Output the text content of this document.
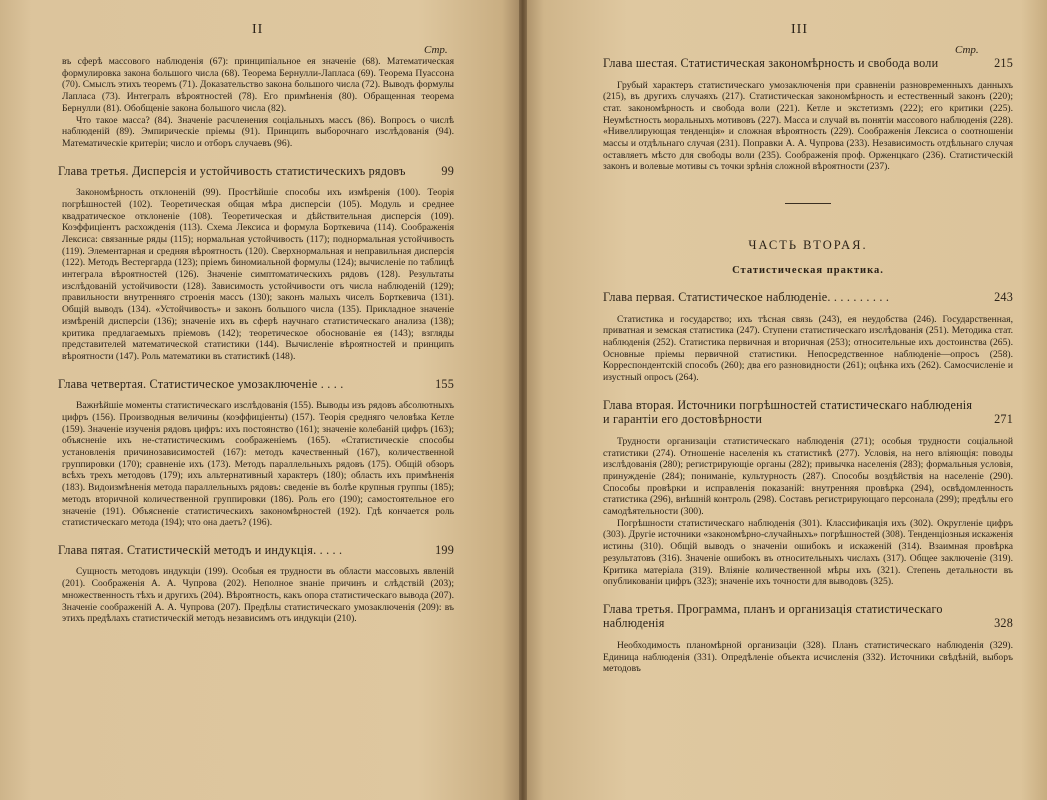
II
Стр.

въ сферѣ массового наблюденія (67): принципіальное ея значеніе (68). Математическая формулировка закона большого числа (68). Теорема Бернулли-Лапласа (69). Теорема Пуассона (70). Смыслъ этихъ теоремъ (71). Доказательство закона большого числа (72). Выводъ формулы Лапласа (73). Интегралъ вѣроятностей (78). Его примѣненія (80). Обращенная теорема Бернулли (81). Обобщеніе закона большого числа (82).

Что такое масса? (84). Значеніе расчленения соціальныхъ массъ (86). Вопросъ о числѣ наблюденій (89). Эмпирическіе пріемы (91). Принципъ выборочнаго изслѣдованія (94). Математическіе критеріи; число и отборъ случаевъ (96).

Глава третья. Дисперсія и устойчивость статистическихъ рядовъ	99

Закономѣрность отклоненій (99). Простѣйшіе способы ихъ измѣренія (100). Теорія погрѣшностей (102). Теоретическая общая мѣра дисперсіи (105). Модуль и среднее квадратическое отклоненіе (108). Теоретическая и дѣйствительная дисперсія (109). Коэффиціентъ расхожденія (113). Схема Лексиса и формула Борткевича (114). Соображенія Лексиса: связанные ряды (115); нормальная устойчивость (117); поднормальная устойчивость (119). Элементарная и средняя вѣроятность (120). Сверхнормальная и неправильная дисперсія (122). Методъ Вестергарда (123); пріемъ биномиальной формулы (124); вычисленіе по таблицѣ интеграла вѣроятностей (126). Значеніе симптоматическихъ рядовъ (128). Результаты изслѣдованій устойчивости (128). Зависимость устойчивости отъ числа наблюденій (129); правильности внутренняго строенія массъ (130); законъ малыхъ чиселъ Борткевича (131). Общій выводъ (134). «Устойчивость» и законъ большого числа (135). Прикладное значеніе измѣреній дисперсіи (136); значеніе ихъ въ сферѣ научнаго статистическаго анализа (138); критика предлагаемыхъ пріемовъ (142); теоретическое обоснованіе ея (143); взгляды представителей математической статистики (144). Вычисленіе вѣроятностей и принципъ вѣроятности (147). Роль математики въ статистикѣ (148).

Глава четвертая. Статистическое умозаключеніе . . . .	155

Важнѣйшіе моменты статистическаго изслѣдованія (155). Выводы изъ рядовъ абсолютныхъ цифръ (156). Производныя величины (коэффиціенты) (157). Теорія средняго человѣка Кетле (159). Значеніе изученія рядовъ цифръ: ихъ постоянство (161); значеніе колебаній цифръ (163); объясненіе ихъ не-статистическимъ соображеніемъ (165). «Статистическіе способы установленія причинозависимостей (167): методъ качественный (167), количественной группировки (170); сравненіе ихъ (173). Методъ параллельныхъ рядовъ (175). Общій обзоръ всѣхъ трехъ методовъ (179); ихъ альтернативный характеръ (180); область ихъ примѣненія (183). Видоизмѣненія метода параллельныхъ рядовъ: сведеніе въ болѣе крупныя группы (185); методъ вторичной количественной группировки (186). Роль его (190); самостоятельное его значеніе (191). Объясненіе статистическихъ закономѣрностей (192). Гдѣ кончается роль статистическаго метода (194); что она даетъ? (196).

Глава пятая. Статистическій методъ и индукція. . . . .	199

Сущность методовъ индукціи (199). Особыя ея трудности въ области массовыхъ явленій (201). Соображенія А. А. Чупрова (202). Неполное знаніе причинъ и слѣдствій (203); множественность тѣхъ и другихъ (204). Вѣроятность, какъ опора статистическаго вывода (207). Значеніе соображеній А. А. Чупрова (207). Предѣлы статистическаго умозаключенія (209): въ этихъ предѣлахъ статистическій методъ независимъ отъ индукціи (210).

III
Стр.
Глава шестая. Статистическая закономѣрность и свобода воли	215

Грубый характеръ статистическаго умозаключенія при сравненіи разновременныхъ данныхъ (215), въ другихъ случаяхъ (217). Статистическая закономѣрность и естественный законъ (220); стат. закономѣрность и свобода воли (221). Кетле и экстетизмъ (222); его критики (225). Неумѣстность моральныхъ мотивовъ (227). Масса и случай въ понятіи массового наблюденія (228). «Нивеллирующая тенденція» и сложная вѣроятность (229). Соображенія Лексиса о соотношеніи массы и отдѣльнаго случая (231). Поправки А. А. Чупрова (233). Независимость отдѣльнаго случая оставляетъ мѣсто для свободы воли (235). Соображенія проф. Орженцкаго (236). Статистическій законъ и волевые мотивы съ точки зрѣнія сложной вѣроятности (237).

ЧАСТЬ ВТОРАЯ.
Статистическая практика.
Глава первая. Статистическое наблюденіе. . . . . . . . . .	243

Статистика и государство; ихъ тѣсная связь (243), ея неудобства (246). Государственная, приватная и земская статистика (247). Ступени статистическаго изслѣдованія (251). Методика стат. наблюденія (252). Статистика первичная и вторичная (253); относительные ихъ достоинства (265). Основные пріемы первичной статистики. Непосредственное наблюденіе—опросъ (258). Корреспондентскій способъ (260); два его разновидности (261); оцѣнка ихъ (262). Самосчисленіе и изустный опросъ (264).

Глава вторая. Источники погрѣшностей статистическаго наблюденія и гарантіи его достовѣрности	271

Трудности организаціи статистическаго наблюденія (271); особыя трудности соціальной статистики (274). Отношеніе населенія къ статистикѣ (277). Условія, на него вліяющія: поводы изслѣдованія (280); регистрирующіе органы (282); привычка населенія (283); формальныя условія, принужденіе (284); пониманіе, культурность (287). Способы воздѣйствія на населеніе (290). Способы провѣрки и исправленія показаній: внутренняя провѣрка (294), освѣдомленность статистика (296), внѣшній контроль (298). Составъ регистрирующаго персонала (299); предѣлы его самодѣятельности (300).

Погрѣшности статистическаго наблюденія (301). Классификація ихъ (302). Округленіе цифръ (303). Другіе источники «закономѣрно-случайныхъ» погрѣшностей (308). Тенденціозныя искаженія истины (310). Общій выводъ о значеніи ошибокъ и искаженій (314). Взаимная провѣрка результатовъ (316). Значеніе ошибокъ въ относительныхъ числахъ (317). Общее заключеніе (319). Критика матеріала (319). Вліяніе количественной мѣры ихъ (321). Степень детальности въ опубликованіи цифръ (323); значеніе ихъ точности для выводовъ (325).

Глава третья. Программа, планъ и организація статистическаго наблюденія	328

Необходимость планомѣрной организаціи (328). Планъ статистическаго наблюденія (329). Единица наблюденія (331). Опредѣленіе объекта исчисленія (332). Источники свѣдѣній, выборъ методовъ
